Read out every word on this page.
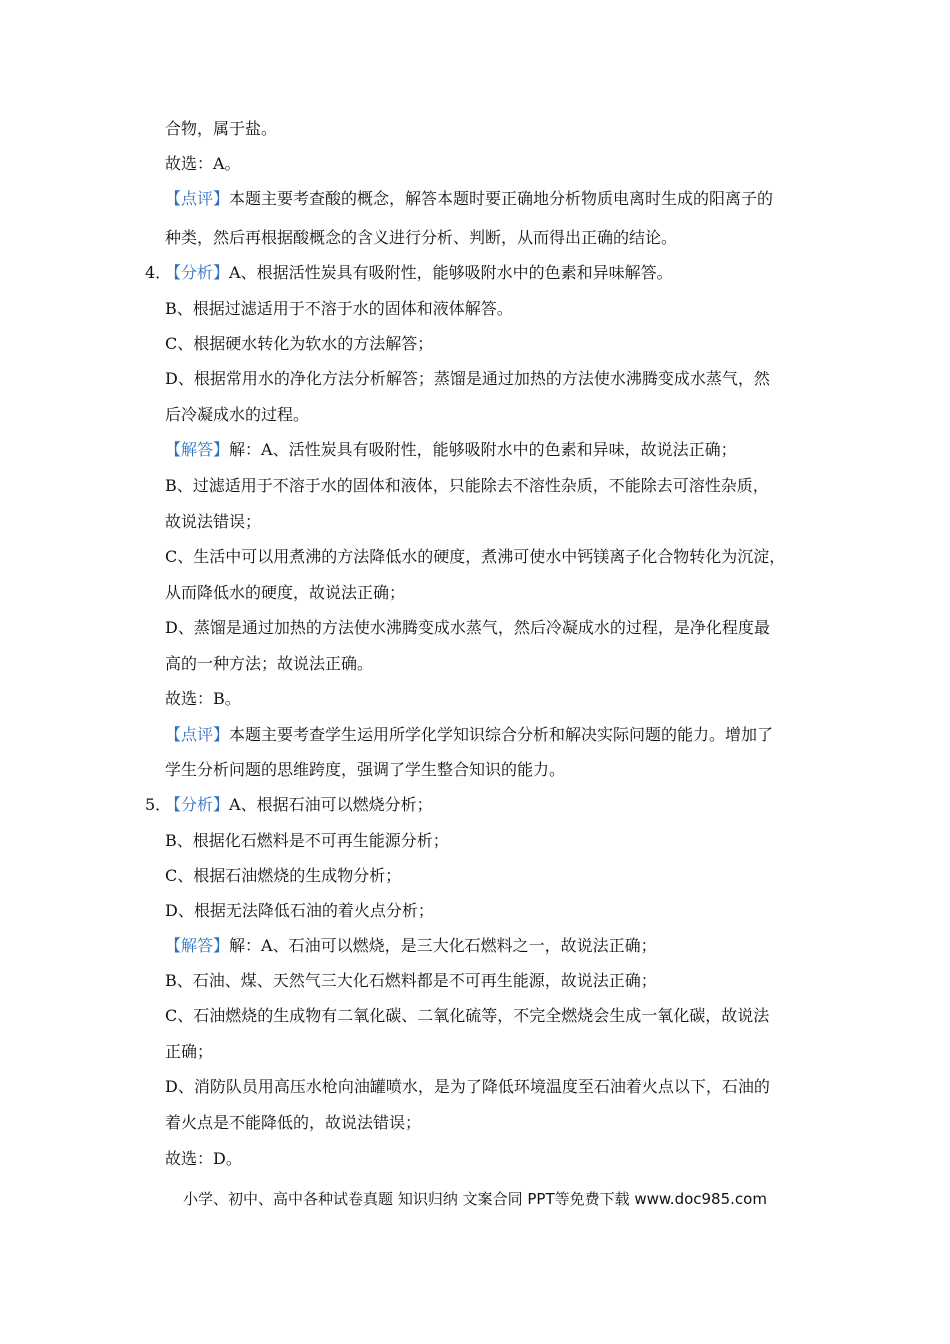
合物，属于盐。
故选：A。
【点评】本题主要考查酸的概念，解答本题时要正确地分析物质电离时生成的阳离子的
种类，然后再根据酸概念的含义进行分析、判断，从而得出正确的结论。
4．
【分析】A、根据活性炭具有吸附性，能够吸附水中的色素和异味解答。
B、根据过滤适用于不溶于水的固体和液体解答。
C、根据硬水转化为软水的方法解答；
D、根据常用水的净化方法分析解答；蒸馏是通过加热的方法使水沸腾变成水蒸气，然
后冷凝成水的过程。
【解答】解：A、活性炭具有吸附性，能够吸附水中的色素和异味，故说法正确；
B、过滤适用于不溶于水的固体和液体，只能除去不溶性杂质，不能除去可溶性杂质，
故说法错误；
C、生活中可以用煮沸的方法降低水的硬度，煮沸可使水中钙镁离子化合物转化为沉淀，
从而降低水的硬度，故说法正确；
D、蒸馏是通过加热的方法使水沸腾变成水蒸气，然后冷凝成水的过程，是净化程度最
高的一种方法；故说法正确。
故选：B。
【点评】本题主要考查学生运用所学化学知识综合分析和解决实际问题的能力。增加了
学生分析问题的思维跨度，强调了学生整合知识的能力。
5．
【分析】A、根据石油可以燃烧分析；
B、根据化石燃料是不可再生能源分析；
C、根据石油燃烧的生成物分析；
D、根据无法降低石油的着火点分析；
【解答】解：A、石油可以燃烧，是三大化石燃料之一，故说法正确；
B、石油、煤、天然气三大化石燃料都是不可再生能源，故说法正确；
C、石油燃烧的生成物有二氧化碳、二氧化硫等，不完全燃烧会生成一氧化碳，故说法
正确；
D、消防队员用高压水枪向油罐喷水，是为了降低环境温度至石油着火点以下，石油的
着火点是不能降低的，故说法错误；
故选：D。
小学、初中、高中各种试卷真题 知识归纳 文案合同 PPT等免费下载 www.doc985.com
